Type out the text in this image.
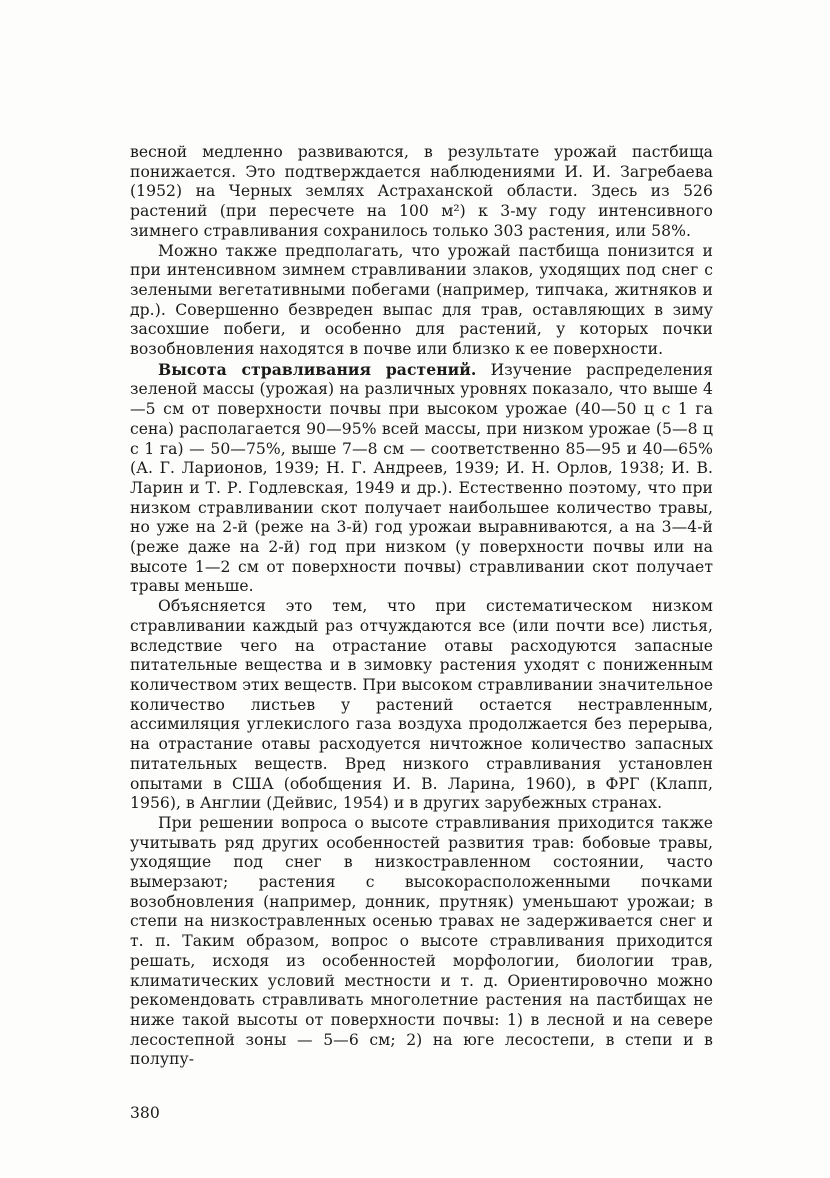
весной медленно развиваются, в результате урожай пастбища понижается. Это подтверждается наблюдениями И. И. Загребаева (1952) на Черных землях Астраханской области. Здесь из 526 растений (при пересчете на 100 м²) к 3-му году интенсивного зимнего стравливания сохранилось только 303 растения, или 58%.

Можно также предполагать, что урожай пастбища понизится и при интенсивном зимнем стравливании злаков, уходящих под снег с зелеными вегетативными побегами (например, типчака, житняков и др.). Совершенно безвреден выпас для трав, оставляющих в зиму засохшие побеги, и особенно для растений, у которых почки возобновления находятся в почве или близко к ее поверхности.

Высота стравливания растений. Изучение распределения зеленой массы (урожая) на различных уровнях показало, что выше 4—5 см от поверхности почвы при высоком урожае (40—50 ц с 1 га сена) располагается 90—95% всей массы, при низком урожае (5—8 ц с 1 га) — 50—75%, выше 7—8 см — соответственно 85—95 и 40—65% (А. Г. Ларионов, 1939; Н. Г. Андреев, 1939; И. Н. Орлов, 1938; И. В. Ларин и Т. Р. Годлевская, 1949 и др.). Естественно поэтому, что при низком стравливании скот получает наибольшее количество травы, но уже на 2-й (реже на 3-й) год урожаи выравниваются, а на 3—4-й (реже даже на 2-й) год при низком (у поверхности почвы или на высоте 1—2 см от поверхности почвы) стравливании скот получает травы меньше.

Объясняется это тем, что при систематическом низком стравливании каждый раз отчуждаются все (или почти все) листья, вследствие чего на отрастание отавы расходуются запасные питательные вещества и в зимовку растения уходят с пониженным количеством этих веществ. При высоком стравливании значительное количество листьев у растений остается нестравленным, ассимиляция углекислого газа воздуха продолжается без перерыва, на отрастание отавы расходуется ничтожное количество запасных питательных веществ. Вред низкого стравливания установлен опытами в США (обобщения И. В. Ларина, 1960), в ФРГ (Клапп, 1956), в Англии (Дейвис, 1954) и в других зарубежных странах.

При решении вопроса о высоте стравливания приходится также учитывать ряд других особенностей развития трав: бобовые травы, уходящие под снег в низкостравленном состоянии, часто вымерзают; растения с высокорасположенными почками возобновления (например, донник, прутняк) уменьшают урожаи; в степи на низкостравленных осенью травах не задерживается снег и т. п. Таким образом, вопрос о высоте стравливания приходится решать, исходя из особенностей морфологии, биологии трав, климатических условий местности и т. д. Ориентировочно можно рекомендовать стравливать многолетние растения на пастбищах не ниже такой высоты от поверхности почвы: 1) в лесной и на севере лесостепной зоны — 5—6 см; 2) на юге лесостепи, в степи и в полупу-

380
